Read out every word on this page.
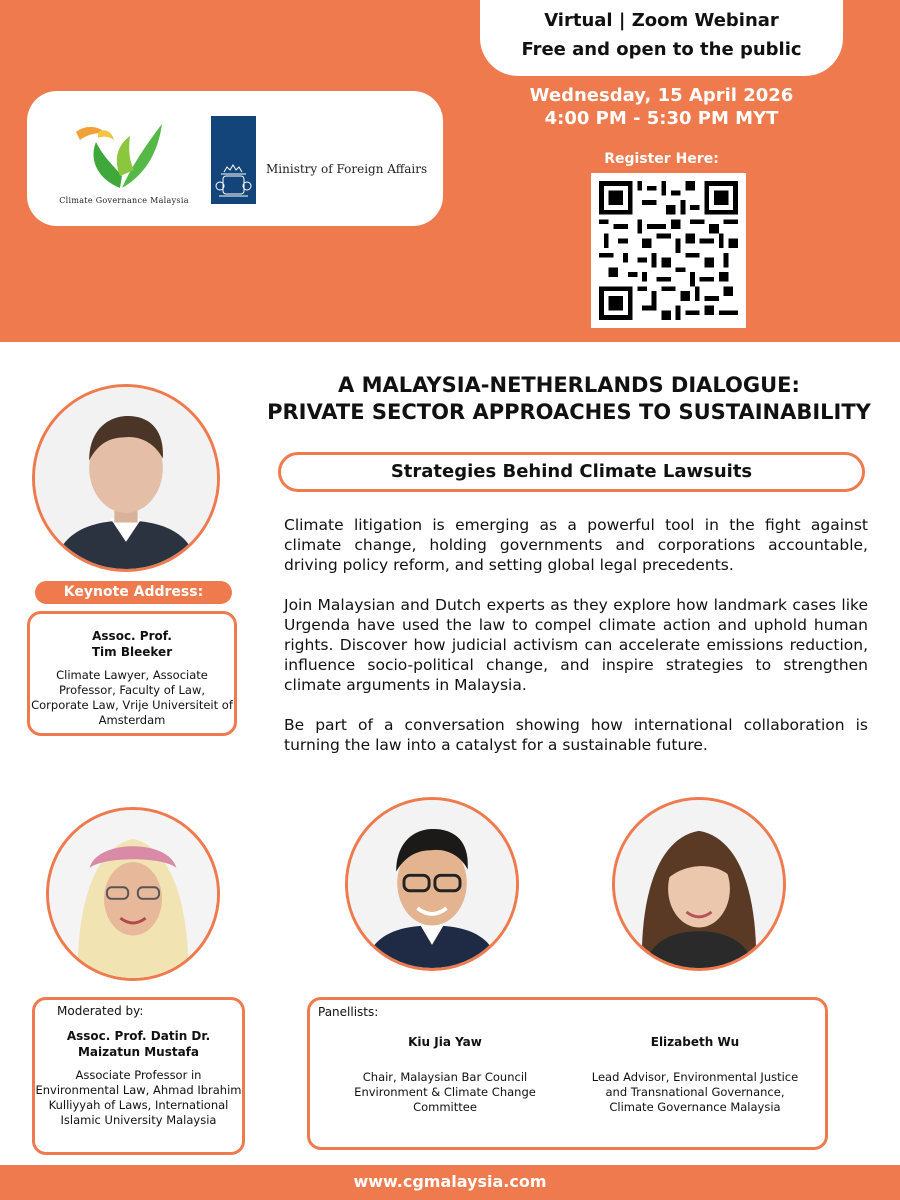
Virtual | Zoom Webinar
Free and open to the public
Climate Governance Malaysia
Ministry of Foreign Affairs
Wednesday, 15 April 2026
4:00 PM - 5:30 PM MYT
Register Here:
A MALAYSIA-NETHERLANDS DIALOGUE:
PRIVATE SECTOR APPROACHES TO SUSTAINABILITY
Strategies Behind Climate Lawsuits

Climate litigation is emerging as a powerful tool in the fight against climate change, holding governments and corporations accountable, driving policy reform, and setting global legal precedents.

Join Malaysian and Dutch experts as they explore how landmark cases like Urgenda have used the law to compel climate action and uphold human rights. Discover how judicial activism can accelerate emissions reduction, influence socio-political change, and inspire strategies to strengthen climate arguments in Malaysia.

Be part of a conversation showing how international collaboration is turning the law into a catalyst for a sustainable future.

Keynote Address:
Assoc. Prof.
Tim Bleeker
Climate Lawyer, Associate Professor, Faculty of Law, Corporate Law, Vrije Universiteit of Amsterdam
Moderated by:
Assoc. Prof. Datin Dr.
Maizatun Mustafa
Associate Professor in Environmental Law, Ahmad Ibrahim Kulliyyah of Laws, International Islamic University Malaysia
Panellists:
Kiu Jia Yaw
Chair, Malaysian Bar Council Environment & Climate Change Committee
Elizabeth Wu
Lead Advisor, Environmental Justice and Transnational Governance, Climate Governance Malaysia
www.cgmalaysia.com
